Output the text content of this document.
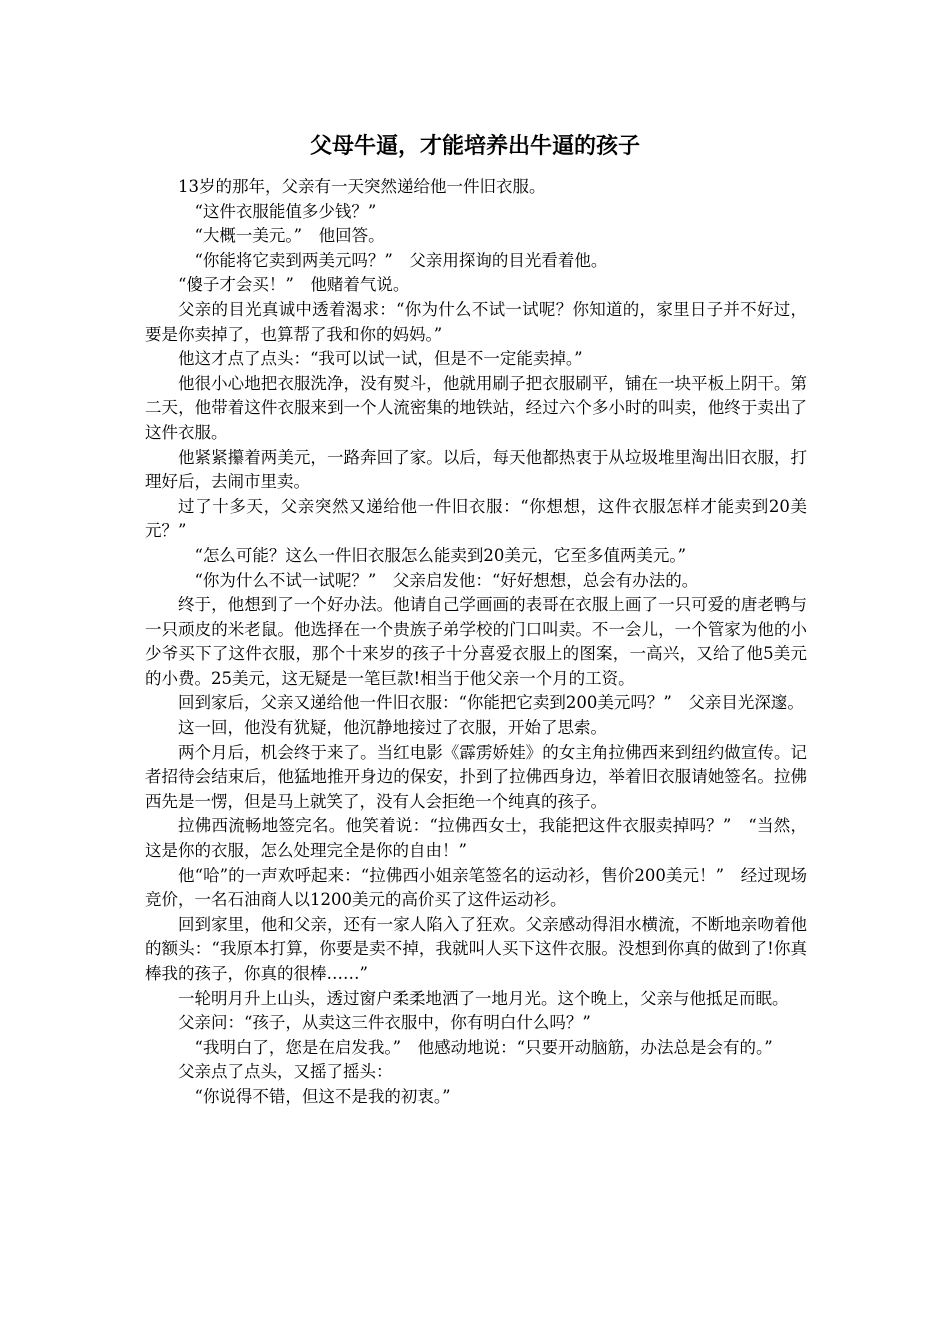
父母牛逼，才能培养出牛逼的孩子

13岁的那年，父亲有一天突然递给他一件旧衣服。

“这件衣服能值多少钱？”

“大概一美元。”　他回答。

“你能将它卖到两美元吗？”　父亲用探询的目光看着他。

“傻子才会买！”　他赌着气说。

父亲的目光真诚中透着渴求：“你为什么不试一试呢？你知道的，家里日子并不好过，要是你卖掉了，也算帮了我和你的妈妈。”

他这才点了点头：“我可以试一试，但是不一定能卖掉。”

他很小心地把衣服洗净，没有熨斗，他就用刷子把衣服刷平，铺在一块平板上阴干。第二天，他带着这件衣服来到一个人流密集的地铁站，经过六个多小时的叫卖，他终于卖出了这件衣服。

他紧紧攥着两美元，一路奔回了家。以后，每天他都热衷于从垃圾堆里淘出旧衣服，打理好后，去闹市里卖。

过了十多天，父亲突然又递给他一件旧衣服：“你想想，这件衣服怎样才能卖到20美元？”

“怎么可能？这么一件旧衣服怎么能卖到20美元，它至多值两美元。”

“你为什么不试一试呢？”　父亲启发他：“好好想想，总会有办法的。

终于，他想到了一个好办法。他请自己学画画的表哥在衣服上画了一只可爱的唐老鸭与一只顽皮的米老鼠。他选择在一个贵族子弟学校的门口叫卖。不一会儿，一个管家为他的小少爷买下了这件衣服，那个十来岁的孩子十分喜爱衣服上的图案，一高兴，又给了他5美元的小费。25美元，这无疑是一笔巨款!相当于他父亲一个月的工资。

回到家后，父亲又递给他一件旧衣服：“你能把它卖到200美元吗？”　父亲目光深邃。

这一回，他没有犹疑，他沉静地接过了衣服，开始了思索。

两个月后，机会终于来了。当红电影《霹雳娇娃》的女主角拉佛西来到纽约做宣传。记者招待会结束后，他猛地推开身边的保安，扑到了拉佛西身边，举着旧衣服请她签名。拉佛西先是一愣，但是马上就笑了，没有人会拒绝一个纯真的孩子。

拉佛西流畅地签完名。他笑着说：“拉佛西女士，我能把这件衣服卖掉吗？”　“当然，这是你的衣服，怎么处理完全是你的自由！”

他“哈”的一声欢呼起来：“拉佛西小姐亲笔签名的运动衫，售价200美元！”　经过现场竞价，一名石油商人以1200美元的高价买了这件运动衫。

回到家里，他和父亲，还有一家人陷入了狂欢。父亲感动得泪水横流，不断地亲吻着他的额头：“我原本打算，你要是卖不掉，我就叫人买下这件衣服。没想到你真的做到了!你真棒我的孩子，你真的很棒……”

一轮明月升上山头，透过窗户柔柔地洒了一地月光。这个晚上，父亲与他抵足而眠。

父亲问：“孩子，从卖这三件衣服中，你有明白什么吗？”

“我明白了，您是在启发我。”　他感动地说：“只要开动脑筋，办法总是会有的。”

父亲点了点头，又摇了摇头：

“你说得不错，但这不是我的初衷。”
